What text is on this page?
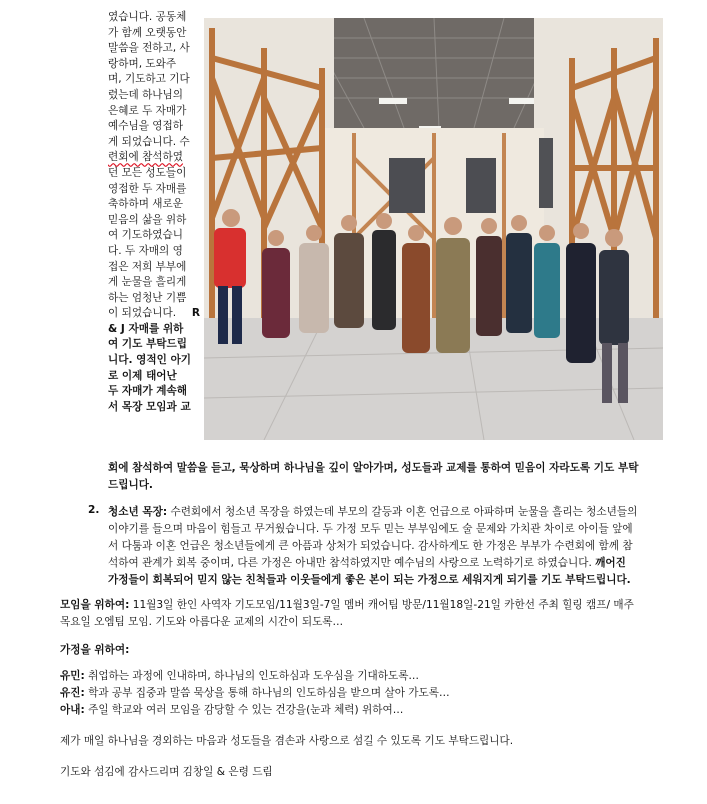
였습니다. 공동체
가 함께 오랫동안
말씀을 전하고, 사
랑하며, 도와주
며, 기도하고 기다
렸는데 하나님의
은혜로 두 자매가
예수님을 영접하
게 되었습니다. 수
련회에 참석하였
던 모든 성도들이
영접한 두 자매를
축하하며 새로운
믿음의 삶을 위하
여 기도하였습니
다. 두 자매의 영
접은 저희 부부에
게 눈물을 흘리게
하는 엄청난 기쁨
이 되었습니다. R
& J 자매를 위하
여 기도 부탁드립
니다. 영적인 아기
로 이제 태어난
두 자매가 계속해
서 목장 모임과 교
회에 참석하여 말씀을 듣고, 묵상하며 하나님을 깊이 알아가며, 성도들과 교제를 통하여 믿음이 자라도록 기도 부탁
드립니다.
2. 청소년 목장: 수련회에서 청소년 목장을 하였는데 부모의 갈등과 이혼 언급으로 아파하며 눈물을 흘리는 청소년들의
이야기를 들으며 마음이 힘들고 무거웠습니다. 두 가정 모두 믿는 부부임에도 술 문제와 가치관 차이로 아이들 앞에
서 다툼과 이혼 언급은 청소년들에게 큰 아픔과 상처가 되었습니다. 감사하게도 한 가정은 부부가 수련회에 함께 참
석하여 관계가 회복 중이며, 다른 가정은 아내만 참석하였지만 예수님의 사랑으로 노력하기로 하였습니다. 깨어진
가정들이 회복되어 믿지 않는 친척들과 이웃들에게 좋은 본이 되는 가정으로 세워지게 되기를 기도 부탁드립니다.
모임을 위하여: 11월3일 한인 사역자 기도모임/11월3일-7일 멤버 캐어팀 방문/11월18일-21일 카한선 주최 힐링 캠프/ 매주
목요일 오엠팀 모임. 기도와 아름다운 교제의 시간이 되도록…
가정을 위하여:
유민: 취업하는 과정에 인내하며, 하나님의 인도하심과 도우심을 기대하도록…
유진: 학과 공부 집중과 말씀 묵상을 통해 하나님의 인도하심을 받으며 살아 가도록…
아내: 주일 학교와 여러 모임을 감당할 수 있는 건강을(눈과 체력) 위하여…
제가 매일 하나님을 경외하는 마음과 성도들을 겸손과 사랑으로 섬길 수 있도록 기도 부탁드립니다.
기도와 섬김에 감사드리며 김창일 & 은령 드림
